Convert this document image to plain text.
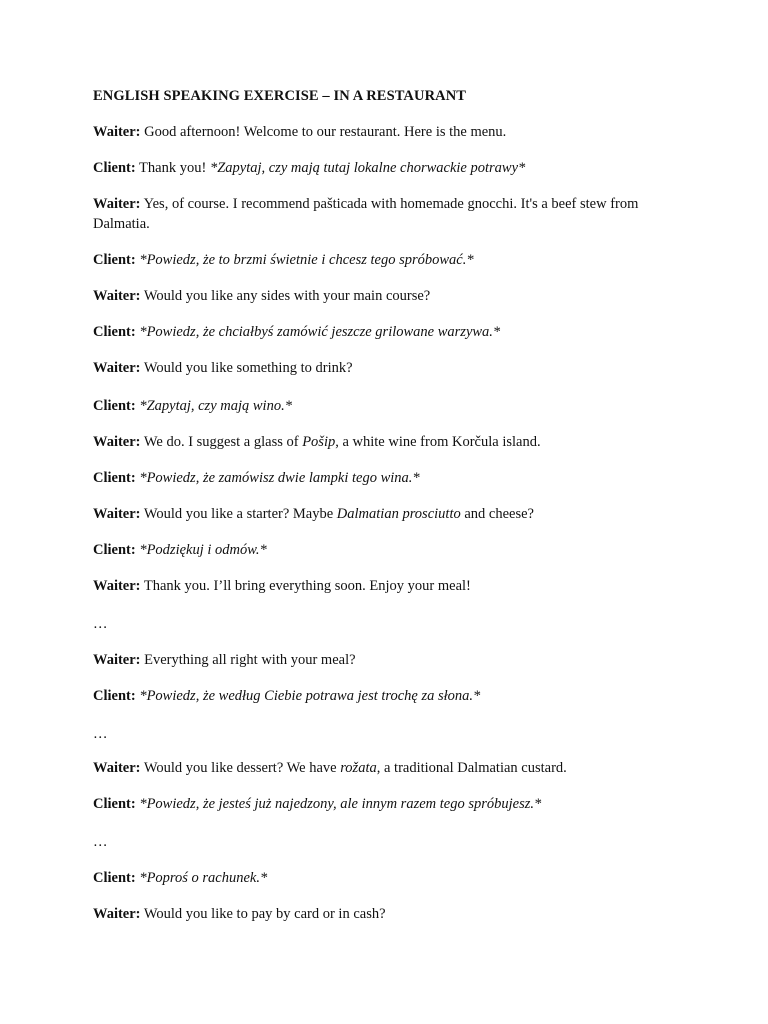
ENGLISH SPEAKING EXERCISE – IN A RESTAURANT
Waiter: Good afternoon! Welcome to our restaurant. Here is the menu.
Client: Thank you! *Zapytaj, czy mają tutaj lokalne chorwackie potrawy*
Waiter: Yes, of course. I recommend pašticada with homemade gnocchi. It's a beef stew from Dalmatia.
Client: *Powiedz, że to brzmi świetnie i chcesz tego spróbować.*
Waiter: Would you like any sides with your main course?
Client: *Powiedz, że chciałbyś zamówić jeszcze grilowane warzywa.*
Waiter: Would you like something to drink?
Client: *Zapytaj, czy mają wino.*
Waiter: We do. I suggest a glass of Pošip, a white wine from Korčula island.
Client: *Powiedz, że zamówisz dwie lampki tego wina.*
Waiter: Would you like a starter? Maybe Dalmatian prosciutto and cheese?
Client: *Podziękuj i odmów.*
Waiter: Thank you. I’ll bring everything soon. Enjoy your meal!
…
Waiter: Everything all right with your meal?
Client: *Powiedz, że według Ciebie potrawa jest trochę za słona.*
…
Waiter: Would you like dessert? We have rožata, a traditional Dalmatian custard.
Client: *Powiedz, że jesteś już najedzony, ale innym razem tego spróbujesz.*
…
Client: *Poproś o rachunek.*
Waiter: Would you like to pay by card or in cash?
